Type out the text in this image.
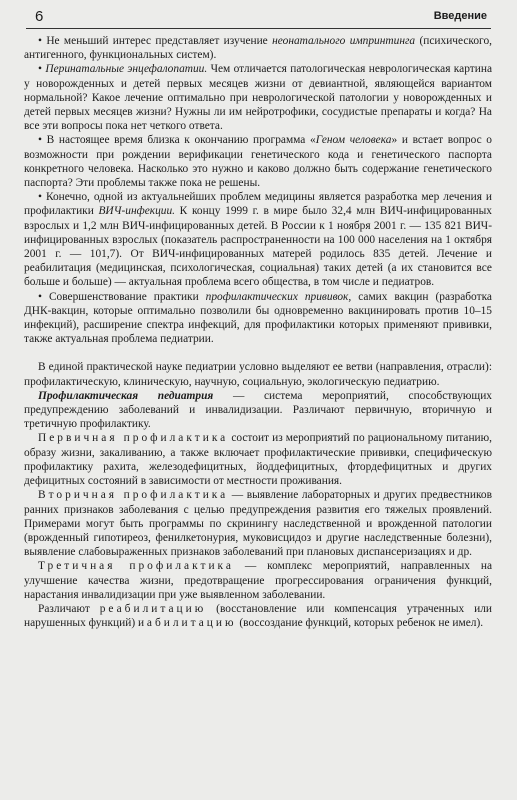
6	Введение

• Не меньший интерес представляет изучение неонатального импринтинга (психического, антигенного, функциональных систем).

• Перинатальные энцефалопатии. Чем отличается патологическая неврологическая картина у новорожденных и детей первых месяцев жизни от девиантной, являющейся вариантом нормальной? Какое лечение оптимально при неврологической патологии у новорожденных и детей первых месяцев жизни? Нужны ли им нейротрофики, сосудистые препараты и когда? На все эти вопросы пока нет четкого ответа.

• В настоящее время близка к окончанию программа «Геном человека» и встает вопрос о возможности при рождении верификации генетического кода и генетического паспорта конкретного человека. Насколько это нужно и каково должно быть содержание генетического паспорта? Эти проблемы также пока не решены.

• Конечно, одной из актуальнейших проблем медицины является разработка мер лечения и профилактики ВИЧ-инфекции. К концу 1999 г. в мире было 32,4 млн ВИЧ-инфицированных взрослых и 1,2 млн ВИЧ-инфицированных детей. В России к 1 ноября 2001 г. — 135 821 ВИЧ-инфицированных взрослых (показатель распространенности на 100 000 населения на 1 октября 2001 г. — 101,7). От ВИЧ-инфицированных матерей родилось 835 детей. Лечение и реабилитация (медицинская, психологическая, социальная) таких детей (а их становится все больше и больше) — актуальная проблема всего общества, в том числе и педиатров.

• Совершенствование практики профилактических прививок, самих вакцин (разработка ДНК-вакцин, которые оптимально позволили бы одновременно вакцинировать против 10–15 инфекций), расширение спектра инфекций, для профилактики которых применяют прививки, также актуальная проблема педиатрии.

В единой практической науке педиатрии условно выделяют ее ветви (направления, отрасли): профилактическую, клиническую, научную, социальную, экологическую педиатрию.

Профилактическая педиатрия — система мероприятий, способствующих предупреждению заболеваний и инвалидизации. Различают первичную, вторичную и третичную профилактику.

Первичная профилактика состоит из мероприятий по рациональному питанию, образу жизни, закаливанию, а также включает профилактические прививки, специфическую профилактику рахита, железодефицитных, йоддефицитных, фтордефицитных и других дефицитных состояний в зависимости от местности проживания.

Вторичная профилактика — выявление лабораторных и других предвестников ранних признаков заболевания с целью предупреждения развития его тяжелых проявлений. Примерами могут быть программы по скринингу наследственной и врожденной патологии (врожденный гипотиреоз, фенилкетонурия, муковисцидоз и другие наследственные болезни), выявление слабовыраженных признаков заболеваний при плановых диспансеризациях и др.

Третичная профилактика — комплекс мероприятий, направленных на улучшение качества жизни, предотвращение прогрессирования ограничения функций, нарастания инвалидизации при уже выявленном заболевании.

Различают реабилитацию (восстановление или компенсация утраченных или нарушенных функций) и абилитацию (воссоздание функций, которых ребенок не имел).
